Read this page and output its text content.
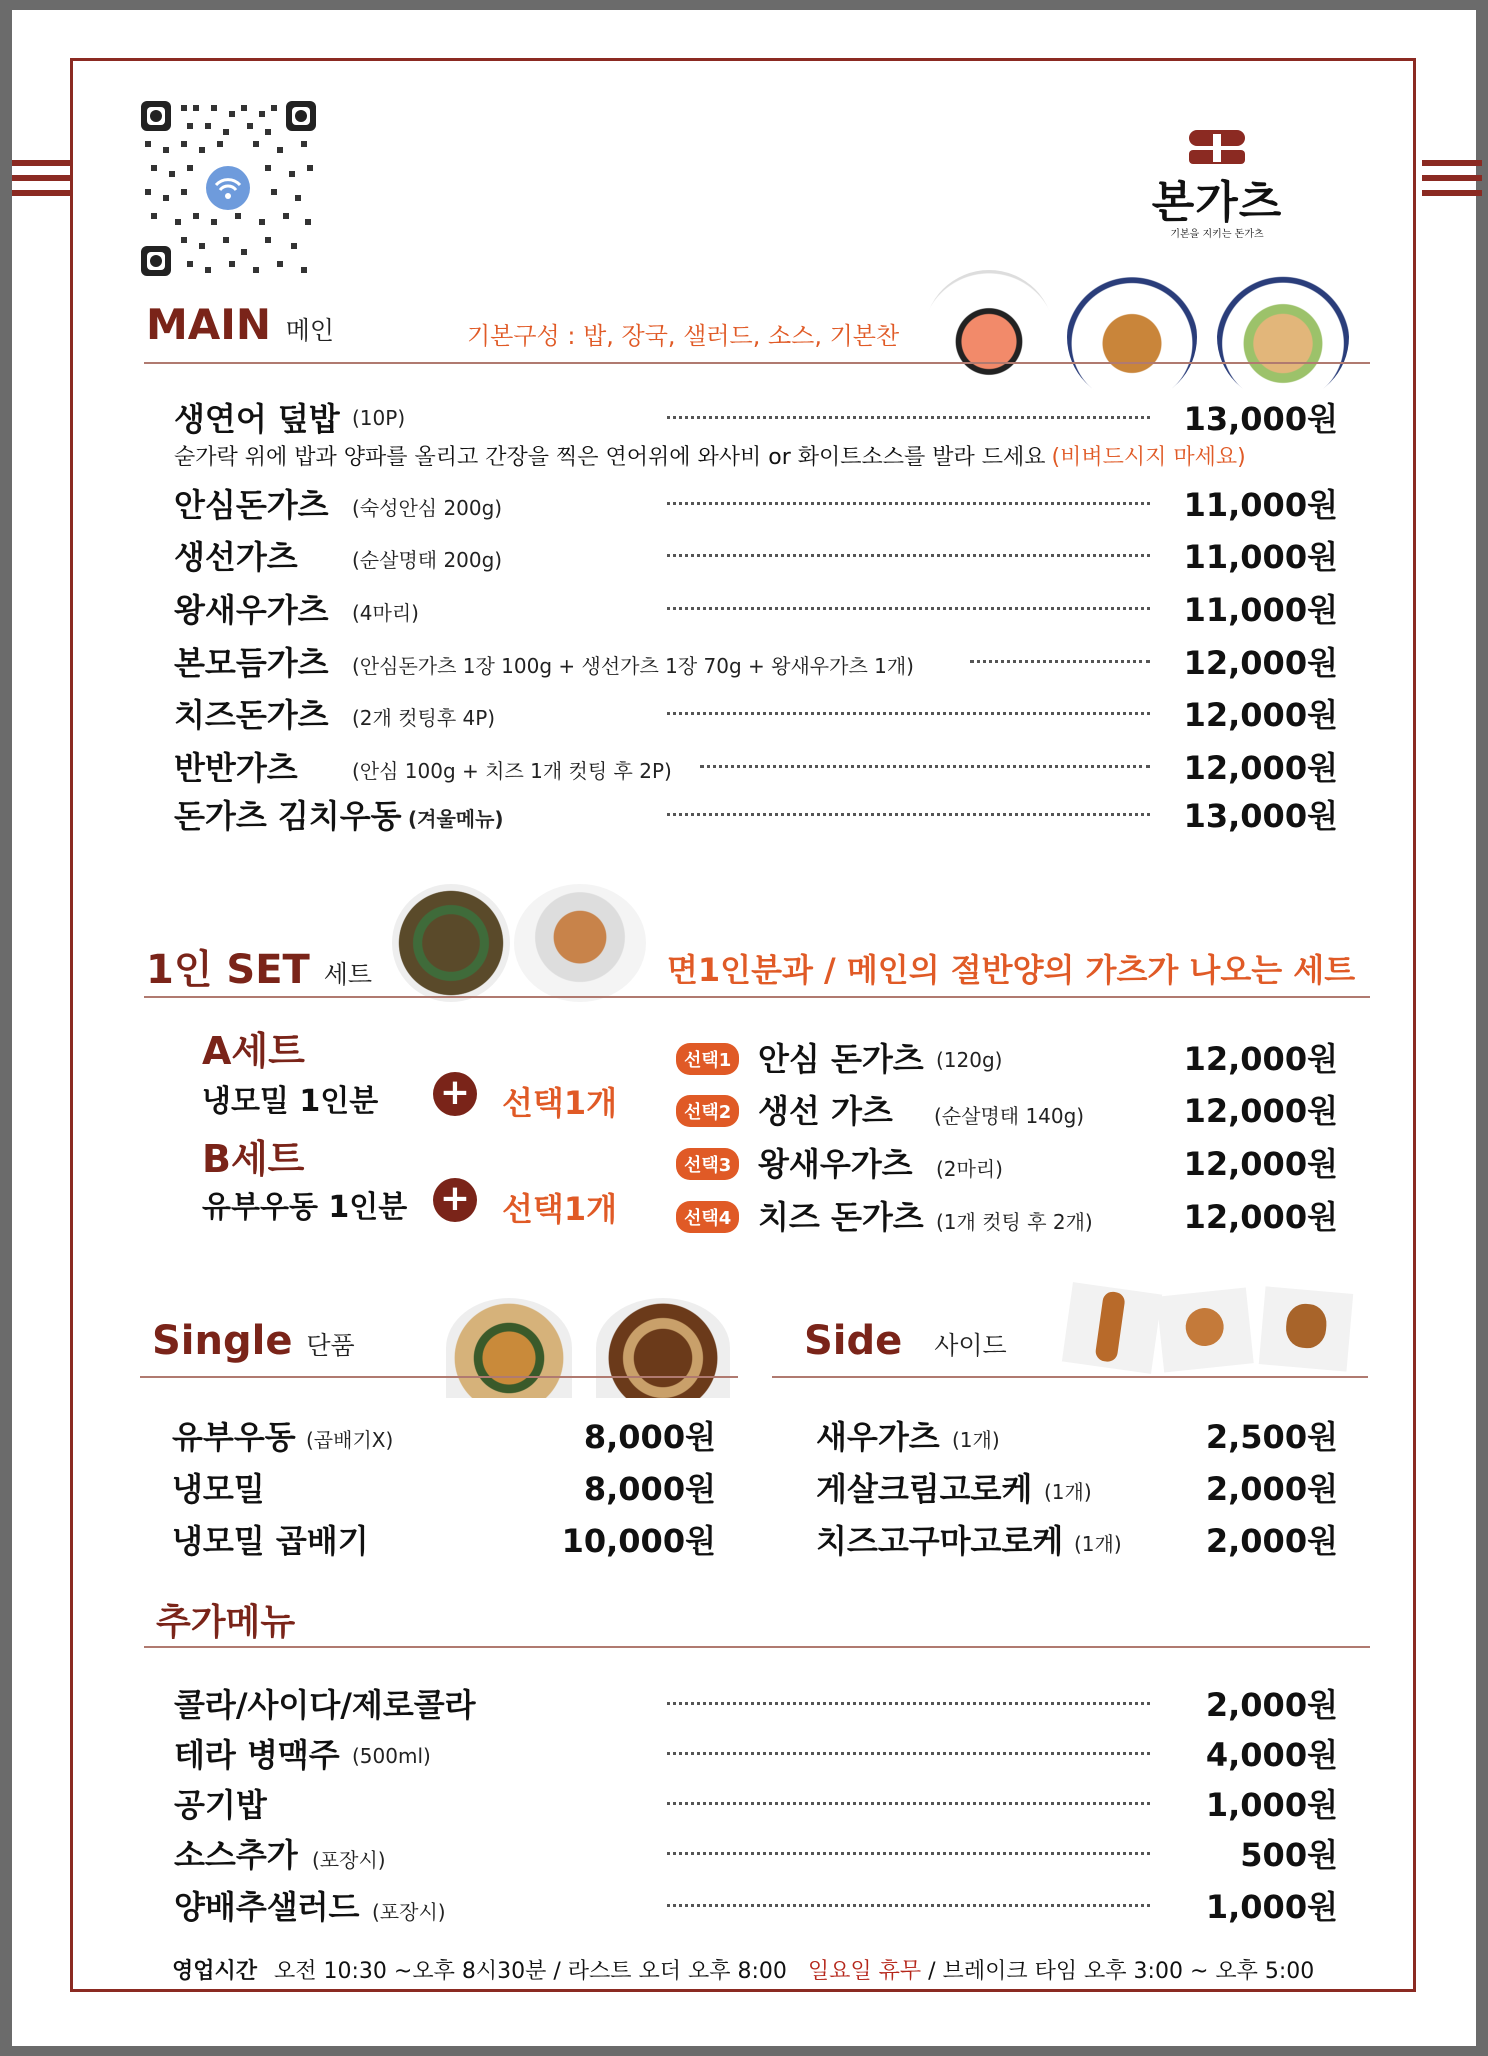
본가츠
기본을 지키는 돈가츠
MAIN 메인	기본구성 : 밥, 장국, 샐러드, 소스, 기본찬
생연어 덮밥 (10P)	13,000원
숟가락 위에 밥과 양파를 올리고 간장을 찍은 연어위에 와사비 or 화이트소스를 발라 드세요 (비벼드시지 마세요)
안심돈가츠 (숙성안심 200g)	11,000원
생선가츠	(순살명태 200g)	11,000원
왕새우가츠 (4마리)	11,000원
본모듬가츠 (안심돈가츠 1장 100g + 생선가츠 1장 70g + 왕새우가츠 1개)	12,000원
치즈돈가츠 (2개 컷팅후 4P)	12,000원
반반가츠	(안심 100g + 치즈 1개 컷팅 후 2P)	12,000원
돈가츠 김치우동 (겨울메뉴)	13,000원
1인 SET 세트	면1인분과 / 메인의 절반양의 가츠가 나오는 세트
A세트
냉모밀 1인분 + 선택1개
B세트
유부우동 1인분 + 선택1개
선택1 안심 돈가츠 (120g)	12,000원
선택2 생선 가츠 (순살명태 140g)	12,000원
선택3 왕새우가츠 (2마리)	12,000원
선택4 치즈 돈가츠 (1개 컷팅 후 2개)	12,000원
Single 단품	Side 사이드
유부우동 (곱배기X)	8,000원
냉모밀	8,000원
냉모밀 곱배기	10,000원
새우가츠 (1개)	2,500원
게살크림고로케 (1개)	2,000원
치즈고구마고로케 (1개)	2,000원
추가메뉴
콜라/사이다/제로콜라	2,000원
테라 병맥주 (500ml)	4,000원
공기밥	1,000원
소스추가 (포장시)	500원
양배추샐러드 (포장시)	1,000원
영업시간 오전 10:30 ~오후 8시30분 / 라스트 오더 오후 8:00 일요일 휴무 / 브레이크 타임 오후 3:00 ~ 오후 5:00
